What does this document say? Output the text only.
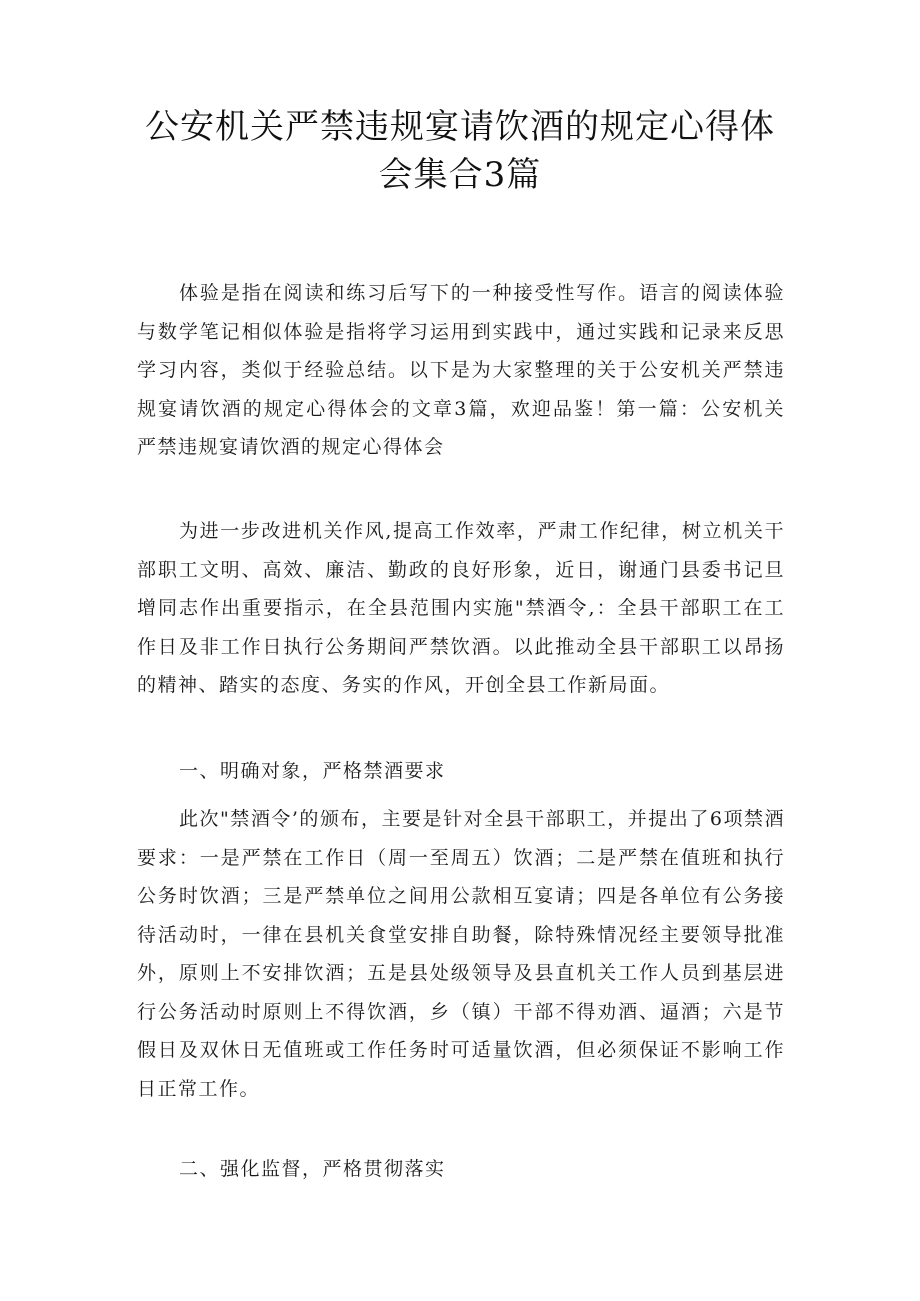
公安机关严禁违规宴请饮酒的规定心得体
会集合3篇

体验是指在阅读和练习后写下的一种接受性写作。语言的阅读体验与数学笔记相似体验是指将学习运用到实践中，通过实践和记录来反思学习内容，类似于经验总结。以下是为大家整理的关于公安机关严禁违规宴请饮酒的规定心得体会的文章3篇，欢迎品鉴！第一篇：公安机关严禁违规宴请饮酒的规定心得体会

为进一步改进机关作风,提高工作效率，严肃工作纪律，树立机关干部职工文明、高效、廉洁、勤政的良好形象，近日，谢通门县委书记旦增同志作出重要指示，在全县范围内实施"禁酒令,：全县干部职工在工作日及非工作日执行公务期间严禁饮酒。以此推动全县干部职工以昂扬的精神、踏实的态度、务实的作风，开创全县工作新局面。

一、明确对象，严格禁酒要求

此次"禁酒令’的颁布，主要是针对全县干部职工，并提出了6项禁酒要求：一是严禁在工作日（周一至周五）饮酒；二是严禁在值班和执行公务时饮酒；三是严禁单位之间用公款相互宴请；四是各单位有公务接待活动时，一律在县机关食堂安排自助餐，除特殊情况经主要领导批准外，原则上不安排饮酒；五是县处级领导及县直机关工作人员到基层进行公务活动时原则上不得饮酒，乡（镇）干部不得劝酒、逼酒；六是节假日及双休日无值班或工作任务时可适量饮酒，但必须保证不影响工作日正常工作。

二、强化监督，严格贯彻落实
